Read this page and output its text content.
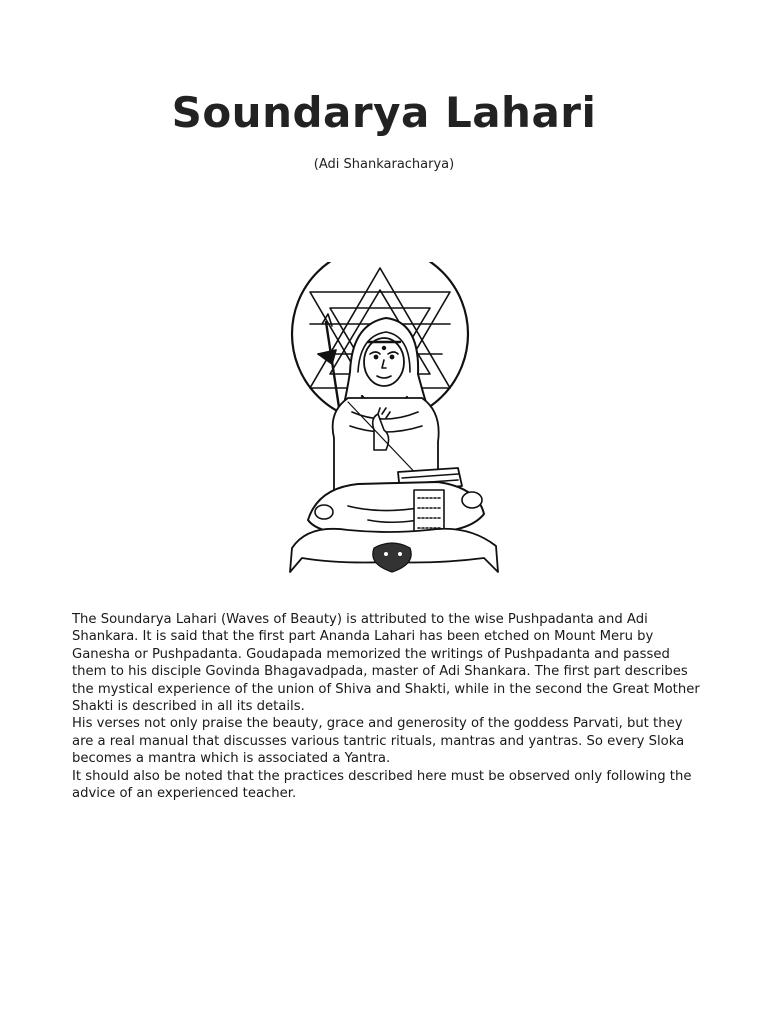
Soundarya Lahari
(Adi Shankaracharya)

The Soundarya Lahari (Waves of Beauty) is attributed to the wise Pushpadanta and Adi Shankara. It is said that the first part Ananda Lahari has been etched on Mount Meru by Ganesha or Pushpadanta. Goudapada memorized the writings of Pushpadanta and passed them to his disciple Govinda Bhagavadpada, master of Adi Shankara. The first part describes the mystical experience of the union of Shiva and Shakti, while in the second the Great Mother Shakti is described in all its details.

His verses not only praise the beauty, grace and generosity of the goddess Parvati, but they are a real manual that discusses various tantric rituals, mantras and yantras. So every Sloka becomes a mantra which is associated a Yantra.

It should also be noted that the practices described here must be observed only following the advice of an experienced teacher.
